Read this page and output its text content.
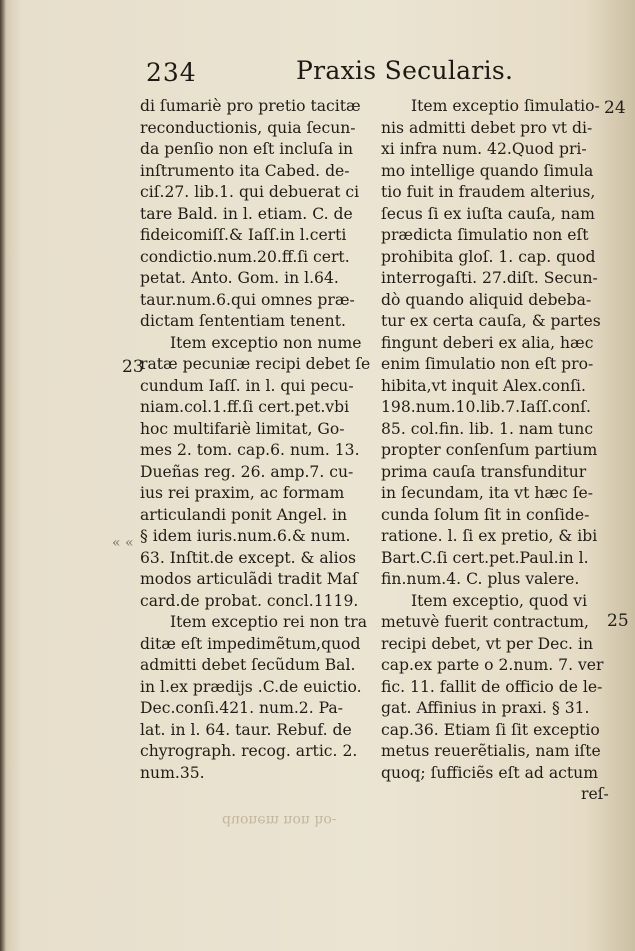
234	Praxis Secularis.
23
24
25
« «
di ſumariè pro pretio tacitæ
reconductionis, quia ſecun-
da penſio non eſt incluſa in
inſtrumento ita Cabed. de-
ciſ.27. lib.1. qui debuerat ci
tare Bald. in l. etiam. C. de
fideicomiſſ.& Iaſſ.in l.certi
condictio.num.20.ff.ſi cert.
petat. Anto. Gom. in l.64.
taur.num.6.qui omnes præ-
dictam ſententiam tenent.
Item exceptio non nume
ratæ pecuniæ recipi debet ſe
cundum Iaſſ. in l. qui pecu-
niam.col.1.ff.ſi cert.pet.vbi
hoc multifariè limitat, Go-
mes 2. tom. cap.6. num. 13.
Dueñas reg. 26. amp.7. cu-
ius rei praxim, ac formam
articulandi ponit Angel. in
§ idem iuris.num.6.& num.
63. Inſtit.de except. & alios
modos articulãdi tradit Maſ
card.de probat. concl.1119.
Item exceptio rei non tra
ditæ eſt impedimẽtum,quod
admitti debet ſecũdum Bal.
in l.ex prædijs .C.de euictio.
Dec.conſi.421. num.2. Pa-
lat. in l. 64. taur. Rebuf. de
chyrograph. recog. artic. 2.
num.35.
Item exceptio ſimulatio-
nis admitti debet pro vt di-
xi infra num. 42.Quod pri-
mo intellige quando ſimula
tio fuit in fraudem alterius,
ſecus ſi ex iuſta cauſa, nam
prædicta ſimulatio non eſt
prohibita gloſ. 1. cap. quod
interrogaſti. 27.diſt. Secun-
dò quando aliquid debeba-
tur ex certa cauſa, & partes
fingunt deberi ex alia, hæc
enim ſimulatio non eſt pro-
hibita,vt inquit Alex.conſi.
198.num.10.lib.7.Iaſſ.conſ.
85. col.fin. lib. 1. nam tunc
propter conſenſum partium
prima cauſa transfunditur
in ſecundam, ita vt hæc ſe-
cunda ſolum ſit in conſide-
ratione. l. ſi ex pretio, & ibi
Bart.C.ſi cert.pet.Paul.in l.
fin.num.4. C. plus valere.
Item exceptio, quod vi
metuvè fuerit contractum,
recipi debet, vt per Dec. in
cap.ex parte o 2.num. 7. ver
fic. 11. fallit de officio de le-
gat. Affinius in praxi. § 31.
cap.36. Etiam ſi ſit exceptio
metus reuerẽtialis, nam iſte
quoq; ſufficiẽs eſt ad actum
reſ-
duonem non ho-
